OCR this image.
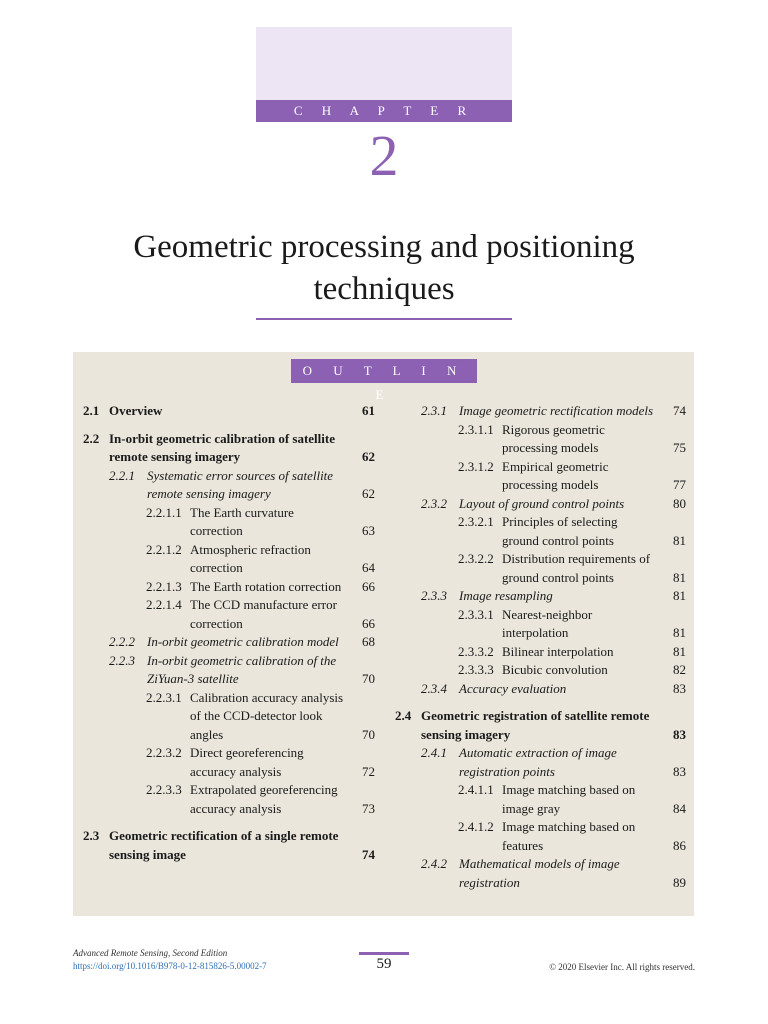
C H A P T E R
2
Geometric processing and positioning
techniques
O U T L I N E
2.1 Overview	61
2.2 In-orbit geometric calibration of satellite remote sensing imagery	62
2.2.1 Systematic error sources of satellite remote sensing imagery	62
2.2.1.1 The Earth curvature correction	63
2.2.1.2 Atmospheric refraction correction	64
2.2.1.3 The Earth rotation correction 66
2.2.1.4 The CCD manufacture error correction	66
2.2.2 In-orbit geometric calibration model	68
2.2.3 In-orbit geometric calibration of the ZiYuan-3 satellite	70
2.2.3.1 Calibration accuracy analysis of the CCD-detector look angles	70
2.2.3.2 Direct georeferencing accuracy analysis	72
2.2.3.3 Extrapolated georeferencing accuracy analysis	73
2.3 Geometric rectification of a single remote sensing image	74
2.3.1 Image geometric rectification models 74
2.3.1.1 Rigorous geometric processing models	75
2.3.1.2 Empirical geometric processing models	77
2.3.2 Layout of ground control points	80
2.3.2.1 Principles of selecting ground control points	81
2.3.2.2 Distribution requirements of ground control points	81
2.3.3 Image resampling	81
2.3.3.1 Nearest-neighbor interpolation	81
2.3.3.2 Bilinear interpolation	81
2.3.3.3 Bicubic convolution	82
2.3.4 Accuracy evaluation	83
2.4 Geometric registration of satellite remote sensing imagery	83
2.4.1 Automatic extraction of image registration points	83
2.4.1.1 Image matching based on image gray	84
2.4.1.2 Image matching based on features	86
2.4.2 Mathematical models of image registration	89
Advanced Remote Sensing, Second Edition
https://doi.org/10.1016/B978-0-12-815826-5.00002-7	59	© 2020 Elsevier Inc. All rights reserved.
